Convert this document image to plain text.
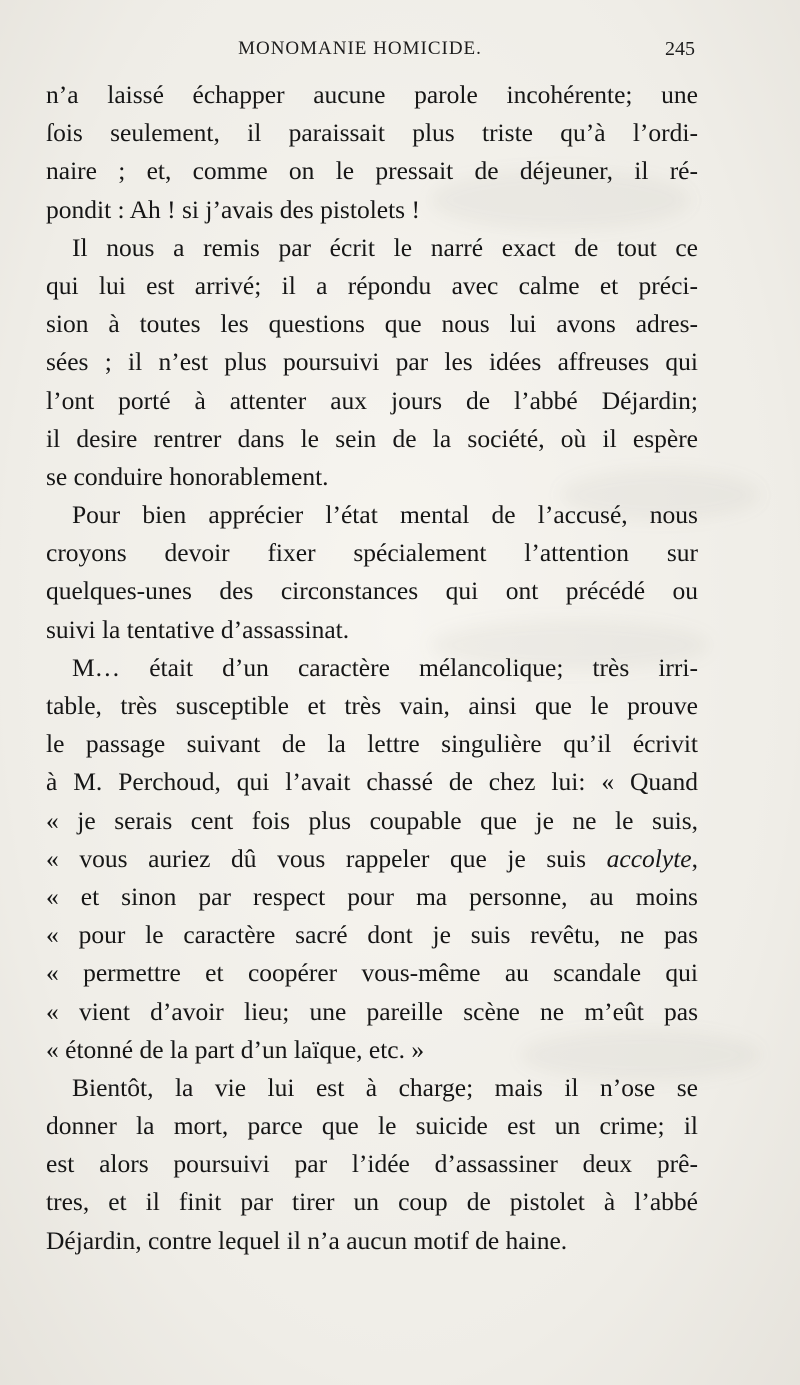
MONOMANIE HOMICIDE.	245
n’a laissé échapper aucune parole incohérente; une
ſois seulement, il paraissait plus triste qu’à l’ordi-
naire ; et, comme on le pressait de déjeuner, il ré-
pondit : Ah ! si j’avais des pistolets !
Il nous a remis par écrit le narré exact de tout ce
qui lui est arrivé; il a répondu avec calme et préci-
sion à toutes les questions que nous lui avons adres-
sées ; il n’est plus poursuivi par les idées affreuses qui
l’ont porté à attenter aux jours de l’abbé Déjardin;
il desire rentrer dans le sein de la société, où il espère
se conduire honorablement.
Pour bien apprécier l’état mental de l’accusé, nous
croyons devoir fixer spécialement l’attention sur
quelques-unes des circonstances qui ont précédé ou
suivi la tentative d’assassinat.
M… était d’un caractère mélancolique; très irri-
table, très susceptible et très vain, ainsi que le prouve
le passage suivant de la lettre singulière qu’il écrivit
à M. Perchoud, qui l’avait chassé de chez lui: « Quand
« je serais cent fois plus coupable que je ne le suis,
« vous auriez dû vous rappeler que je suis accolyte,
« et sinon par respect pour ma personne, au moins
« pour le caractère sacré dont je suis revêtu, ne pas
« permettre et coopérer vous-même au scandale qui
« vient d’avoir lieu; une pareille scène ne m’eût pas
« étonné de la part d’un laïque, etc. »
Bientôt, la vie lui est à charge; mais il n’ose se
donner la mort, parce que le suicide est un crime; il
est alors poursuivi par l’idée d’assassiner deux prê-
tres, et il finit par tirer un coup de pistolet à l’abbé
Déjardin, contre lequel il n’a aucun motif de haine.
